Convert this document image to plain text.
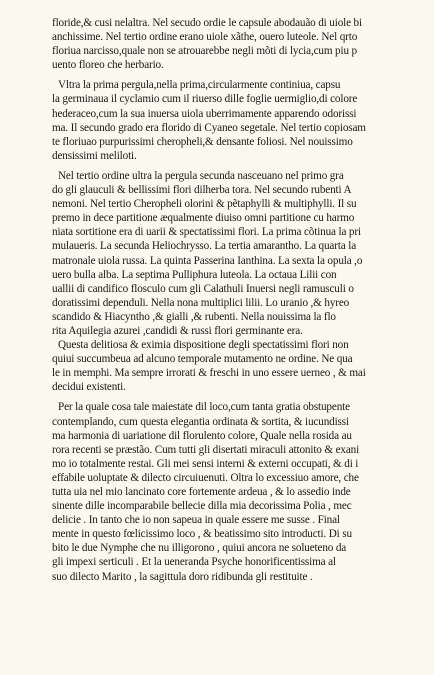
floride,& cusi nelaltra. Nel secudo ordie le capsule abodauão di uiole bi
anchissime. Nel tertio ordine erano uiole xãthe, ouero luteole. Nel qrto
floriua narcisso,quale non se atrouarebbe negli mõti di lycia,cum piu p
uento floreo che herbario.
Vltra la prima pergula,nella prima,circularmente continiua, capsu
la germinaua il cyclamio cum il riuerso dille foglie uermiglio,di colore
hederaceo,cum la sua inuersa uiola uberrimamente apparendo odorissi
ma. Il secundo grado era florido di Cyaneo segetale. Nel tertio copiosam
te floriuao purpurissimi cheropheli,& densante foliosi. Nel nouissimo
densissimi meliloti.
Nel tertio ordine ultra la pergula secunda nasceuano nel primo gra
do gli glauculi & bellissimi flori dilherba tora. Nel secundo rubenti A
nemoni. Nel tertio Cheropheli olorini & pẽtaphylli & multiphylli. Il su
premo in dece partitione æqualmente diuiso omni partitione cu harmo
niata sortitione era di uarii & spectatissimi flori. La prima cõtinua la pri
mulaueris. La secunda Heliochrysso. La tertia amarantho. La quarta la
matronale uiola russa. La quinta Passerina Ianthina. La sexta la opula ,o
uero bulla alba. La septima Pulliphura luteola. La octaua Lilii con
uallii di candifico flosculo cum gli Calathuli Inuersi negli ramusculi o
doratissimi dependuli. Nella nona multiplici lilii. Lo uranio ,& hyreo
scandido & Hiacyntho ,& gialli ,& rubenti. Nella nouissima la flo
rita Aquilegia azurei ,candidi & russi flori germinante era.
Questa delitiosa & eximia dispositione degli spectatissimi flori non
quiui succumbeua ad alcuno temporale mutamento ne ordine. Ne qua
le in memphi. Ma sempre irrorati & freschi in uno essere uerneo , & mai
decidui existenti.
Per la quale cosa tale maiestate dil loco,cum tanta gratia obstupente
contemplando, cum questa elegantia ordinata & sortita, & iucundissi
ma harmonia di uariatione dil florulento colore, Quale nella rosida au
rora recenti se præstão. Cum tutti gli disertati miraculi attonito & exani
mo io totalmente restai. Gli mei sensi interni & externi occupati, & di i
effabile uoluptate & dilecto circuiuenuti. Oltra lo excessiuo amore, che
tutta uia nel mio lancinato core fortemente ardeua , & lo assedio inde
sinente dille incomparabile bellecie dilla mia decorissima Polia , mec
delicie . In tanto che io non sapeua in quale essere me susse . Final
mente in questo fœlicissimo loco , & beatissimo sito introducti. Di su
bito le due Nymphe che nu illigorono , quiui ancora ne solueteno da
gli impexi serticuli . Et la ueneranda Psyche honorificentissima al
suo dilecto Marito , la sagittula doro ridibunda gli restituite .
